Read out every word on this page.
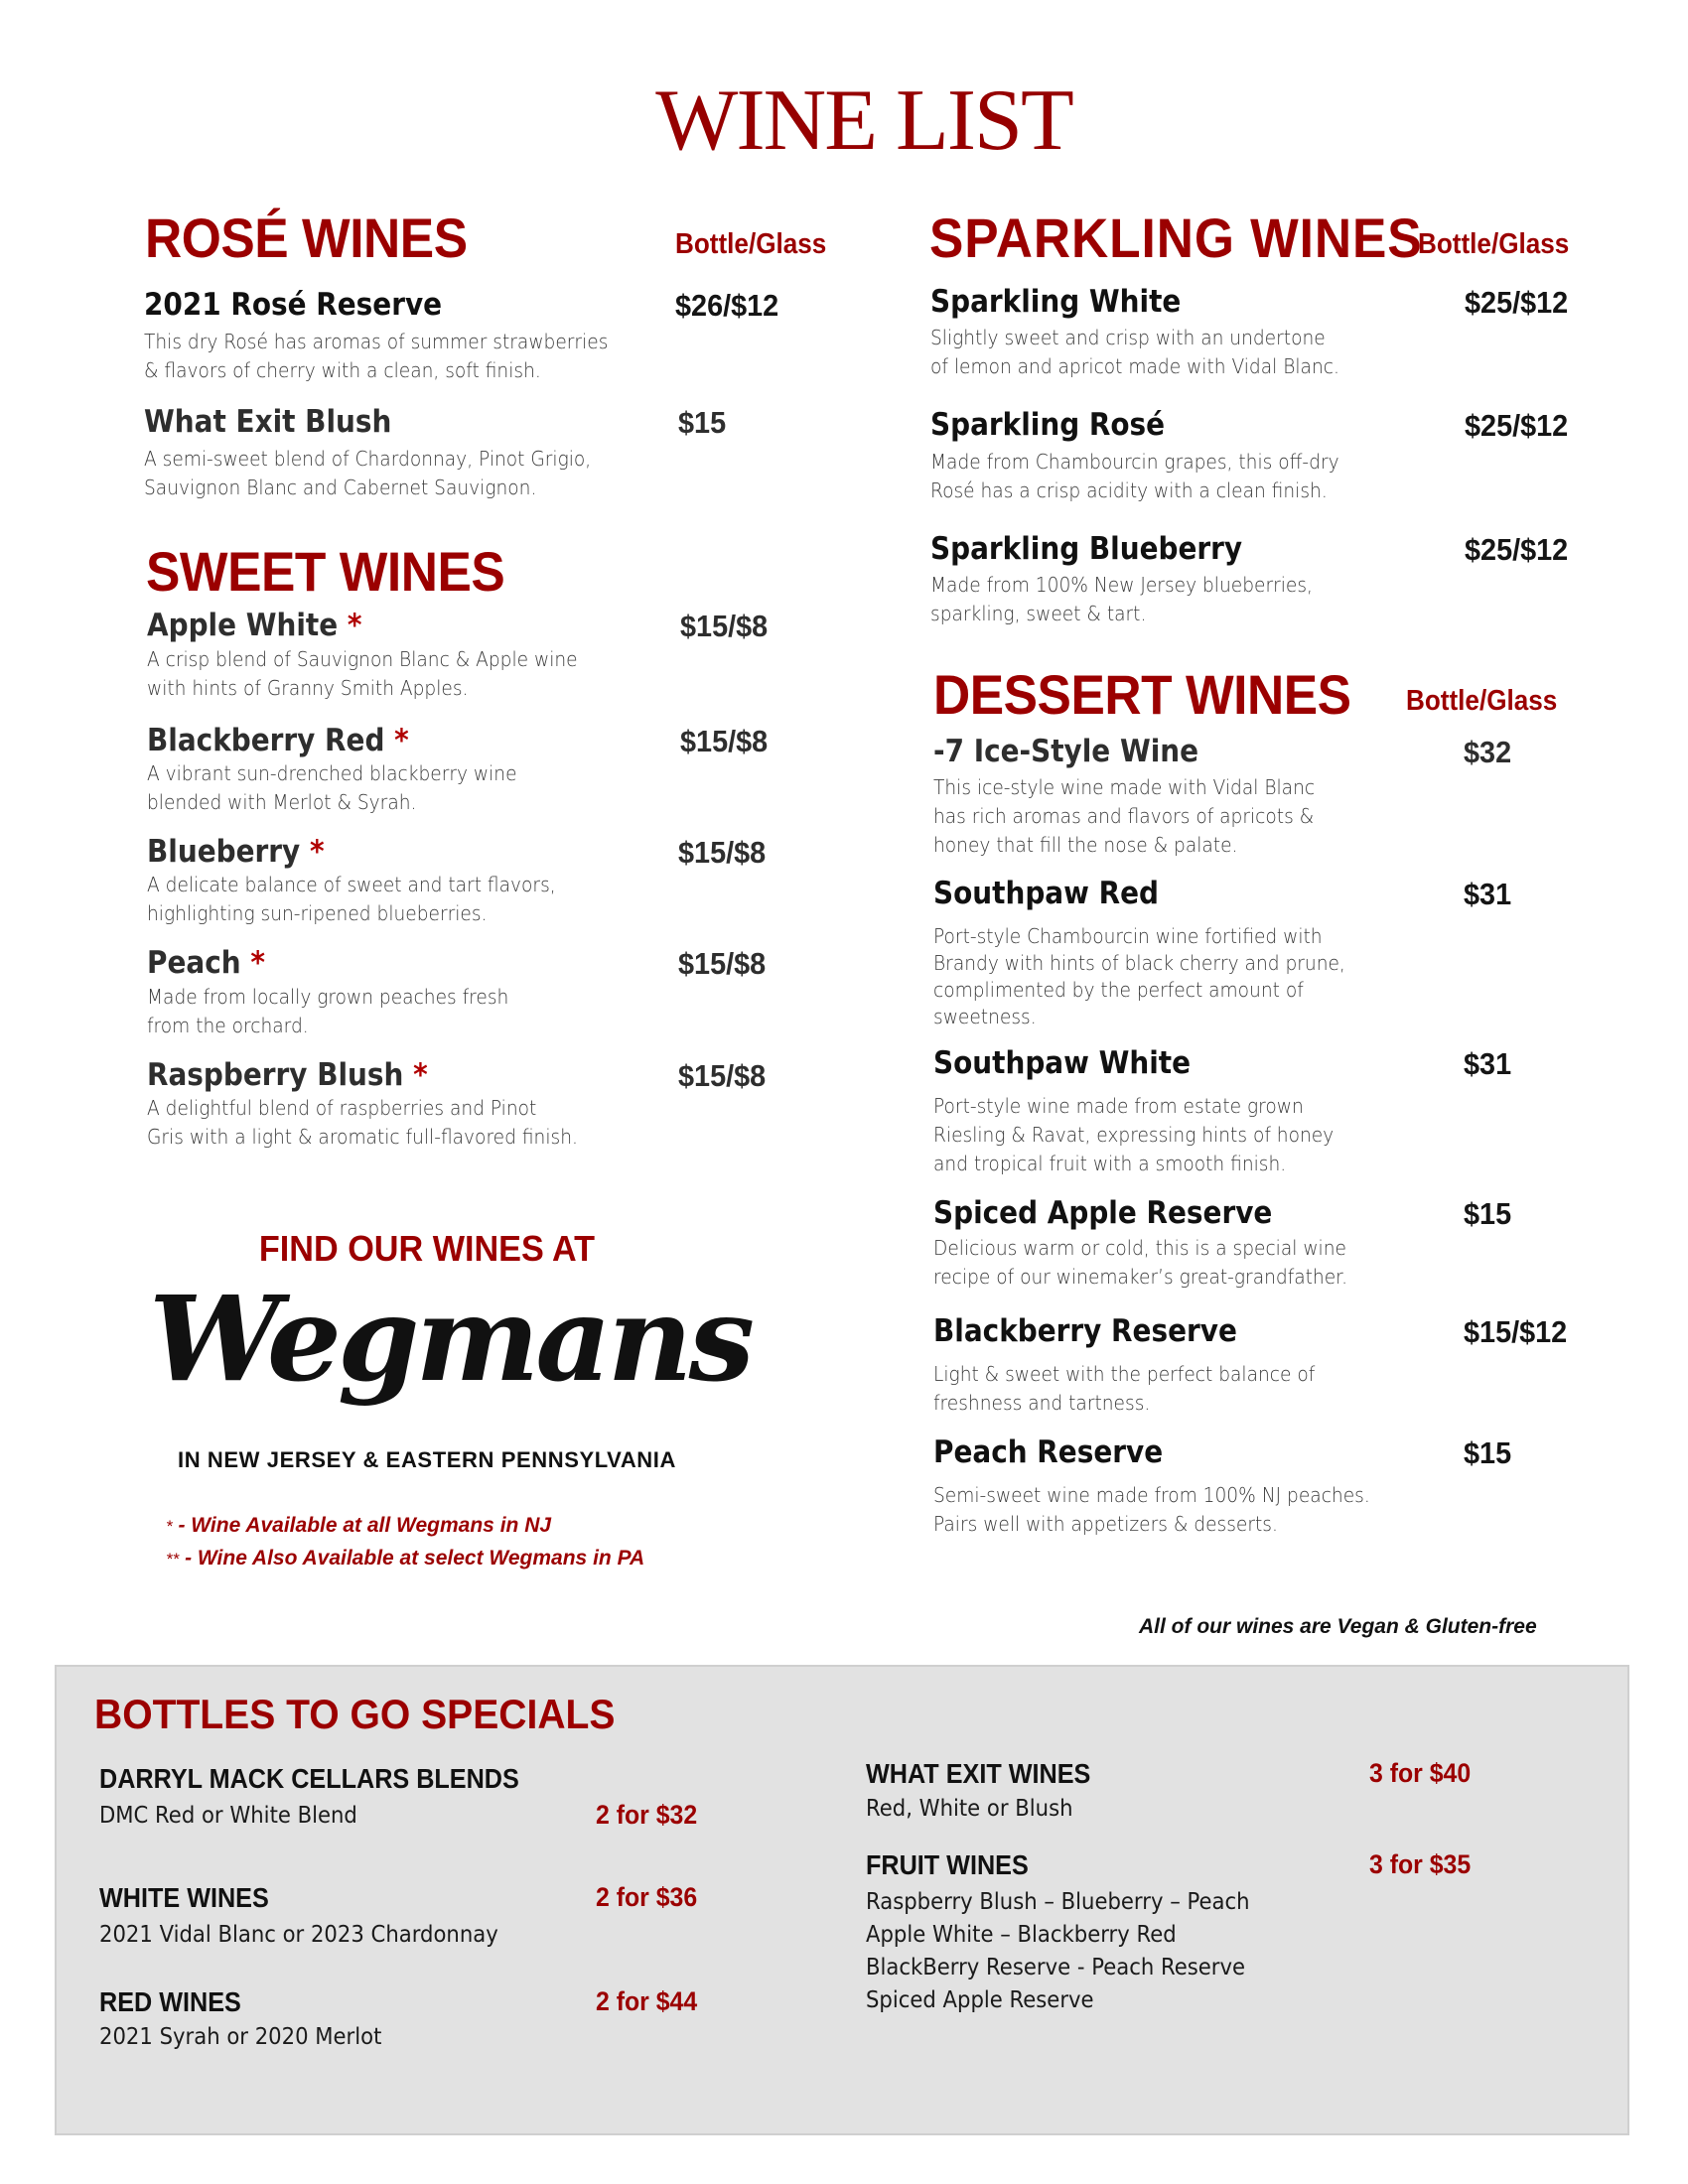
WINE LIST
ROSÉ WINES	Bottle/Glass
2021 Rosé Reserve	$26/$12
This dry Rosé has aromas of summer strawberries
& flavors of cherry with a clean, soft finish.
What Exit Blush	$15
A semi-sweet blend of Chardonnay, Pinot Grigio,
Sauvignon Blanc and Cabernet Sauvignon.
SWEET WINES
Apple White *	$15/$8
A crisp blend of Sauvignon Blanc & Apple wine
with hints of Granny Smith Apples.
Blackberry Red *	$15/$8
A vibrant sun-drenched blackberry wine
blended with Merlot & Syrah.
Blueberry *	$15/$8
A delicate balance of sweet and tart flavors,
highlighting sun-ripened blueberries.
Peach *	$15/$8
Made from locally grown peaches fresh
from the orchard.
Raspberry Blush *	$15/$8
A delightful blend of raspberries and Pinot
Gris with a light & aromatic full-flavored finish.
FIND OUR WINES AT
Wegmans
IN NEW JERSEY & EASTERN PENNSYLVANIA
* - Wine Available at all Wegmans in NJ
** - Wine Also Available at select Wegmans in PA
SPARKLING WINES
Bottle/Glass
Sparkling White	$25/$12
Slightly sweet and crisp with an undertone
of lemon and apricot made with Vidal Blanc.
Sparkling Rosé	$25/$12
Made from Chambourcin grapes, this off-dry
Rosé has a crisp acidity with a clean finish.
Sparkling Blueberry	$25/$12
Made from 100% New Jersey blueberries,
sparkling, sweet & tart.
DESSERT WINES Bottle/Glass
-7 Ice-Style Wine	$32
This ice-style wine made with Vidal Blanc
has rich aromas and flavors of apricots &
honey that fill the nose & palate.
Southpaw Red	$31
Port-style Chambourcin wine fortified with
Brandy with hints of black cherry and prune,
complimented by the perfect amount of
sweetness.
Southpaw White	$31
Port-style wine made from estate grown
Riesling & Ravat, expressing hints of honey
and tropical fruit with a smooth finish.
Spiced Apple Reserve	$15
Delicious warm or cold, this is a special wine
recipe of our winemaker’s great-grandfather.
Blackberry Reserve	$15/$12
Light & sweet with the perfect balance of
freshness and tartness.
Peach Reserve	$15
Semi-sweet wine made from 100% NJ peaches.
Pairs well with appetizers & desserts.
All of our wines are Vegan & Gluten-free
BOTTLES TO GO SPECIALS
DARRYL MACK CELLARS BLENDS
DMC Red or White Blend	2 for $32
WHITE WINES	2 for $36
2021 Vidal Blanc or 2023 Chardonnay
RED WINES	2 for $44
2021 Syrah or 2020 Merlot
WHAT EXIT WINES	3 for $40
Red, White or Blush
FRUIT WINES	3 for $35
Raspberry Blush – Blueberry – Peach
Apple White – Blackberry Red
BlackBerry Reserve - Peach Reserve
Spiced Apple Reserve
